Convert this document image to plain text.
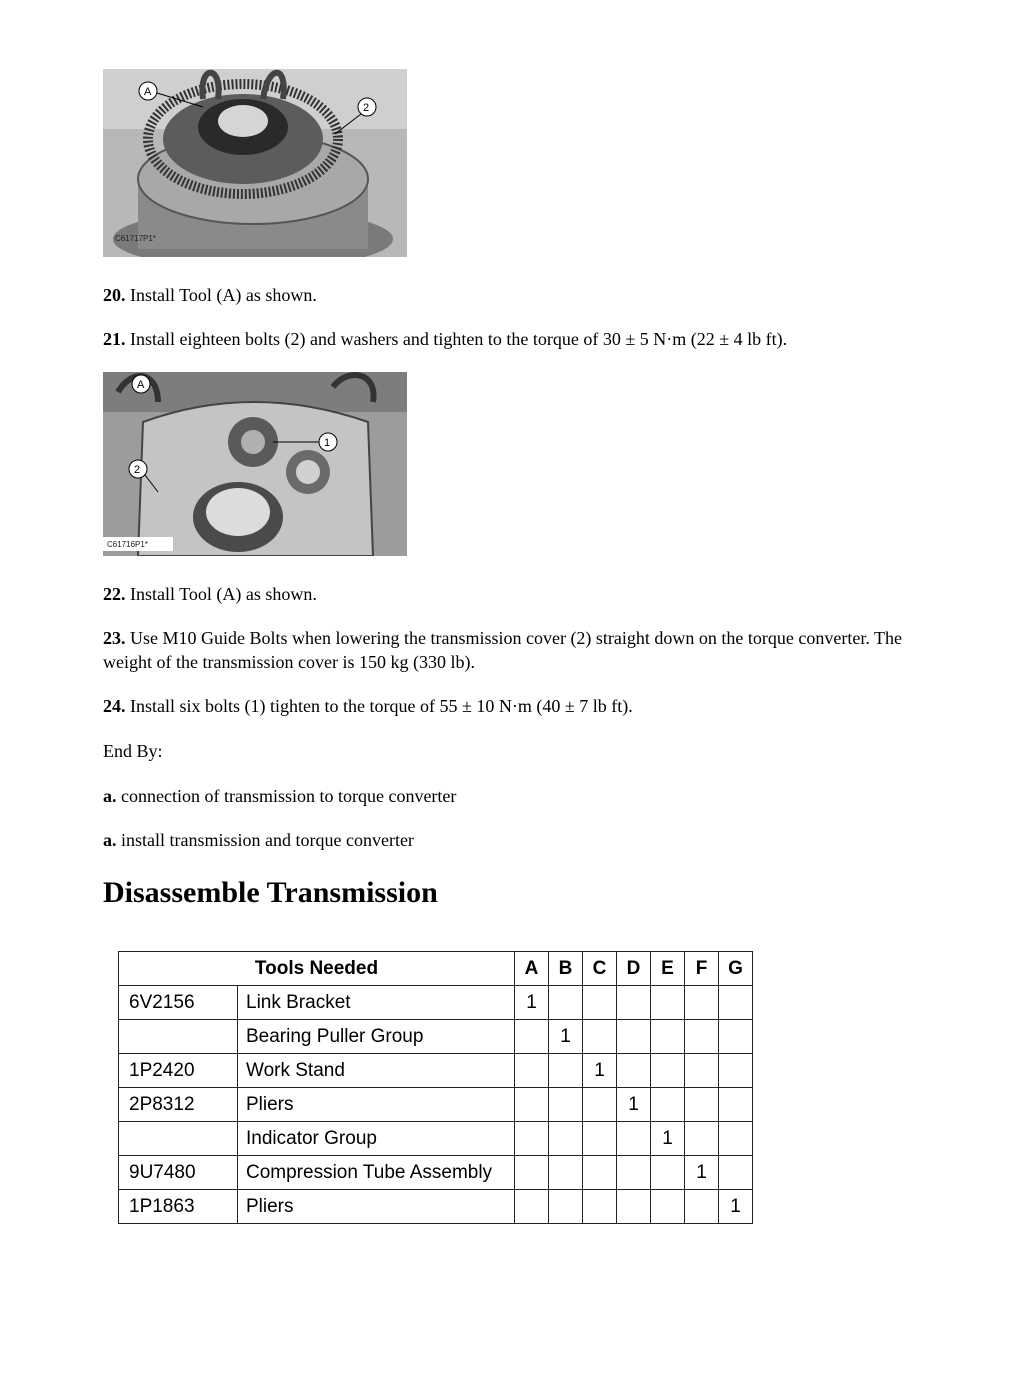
A
2
C61717P1*

20. Install Tool (A) as shown.

21. Install eighteen bolts (2) and washers and tighten to the torque of 30 ± 5 N·m (22 ± 4 lb ft).

A
1
2
C61716P1*

22. Install Tool (A) as shown.

23. Use M10 Guide Bolts when lowering the transmission cover (2) straight down on the torque converter. The weight of the transmission cover is 150 kg (330 lb).

24. Install six bolts (1) tighten to the torque of 55 ± 10 N·m (40 ± 7 lb ft).

End By:

a. connection of transmission to torque converter

a. install transmission and torque converter

Disassemble Transmission
Tools Needed		A	B	C	D	E	F	G
6V2156	Link Bracket	1						
	Bearing Puller Group		1					
1P2420	Work Stand			1				
2P8312	Pliers				1			
	Indicator Group					1		
9U7480	Compression Tube Assembly						1	
1P1863	Pliers							1
